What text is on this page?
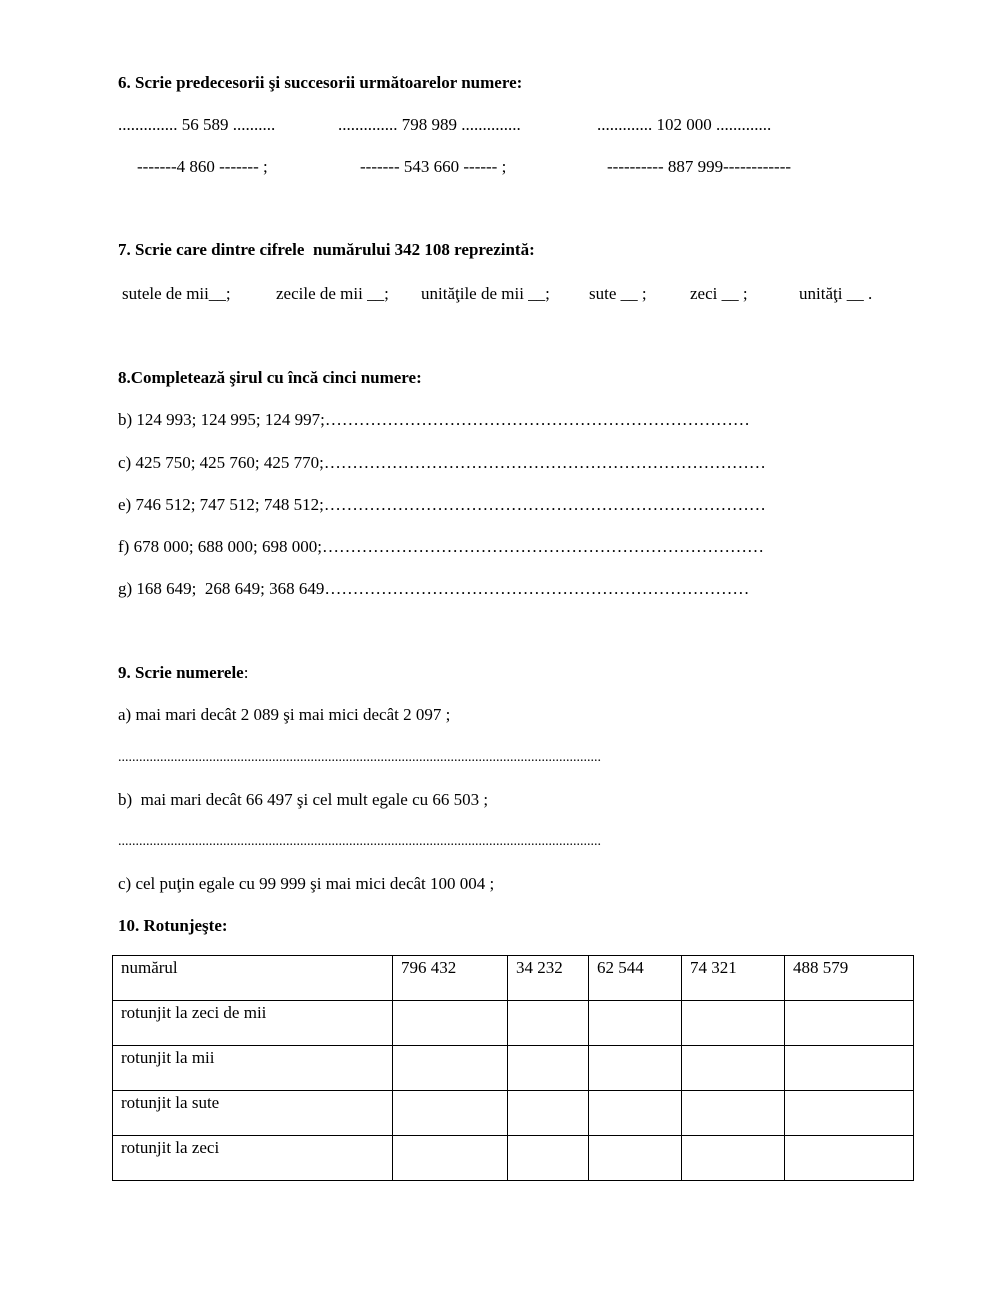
6. Scrie predecesorii şi succesorii următoarelor numere:
.............. 56 589 ..........	.............. 798 989 ..............	............. 102 000 .............
-------4 860 ------- ;	------- 543 660 ------ ;	---------- 887 999------------
7. Scrie care dintre cifrele  numărului 342 108 reprezintă:
sutele de mii__;	zecile de mii __; unităţile de mii __; sute __ ;	zeci __ ;	unităţi __ .
8.Completează şirul cu încă cinci numere:
b) 124 993; 124 995; 124 997;…………………………………………………………………
c) 425 750; 425 760; 425 770;……………………………………………………………………
e) 746 512; 747 512; 748 512;……………………………………………………………………
f) 678 000; 688 000; 698 000;……………………………………………………………………
g) 168 649;  268 649; 368 649…………………………………………………………………
9. Scrie numerele:
a) mai mari decât 2 089 şi mai mici decât 2 097 ;
..........................................................................................................................................
b)  mai mari decât 66 497 şi cel mult egale cu 66 503 ;
..........................................................................................................................................
c) cel puţin egale cu 99 999 şi mai mici decât 100 004 ;
10. Rotunjeşte:
numărul	796 432	34 232	62 544	74 321	488 579
rotunjit la zeci de mii					
rotunjit la mii					
rotunjit la sute					
rotunjit la zeci					
